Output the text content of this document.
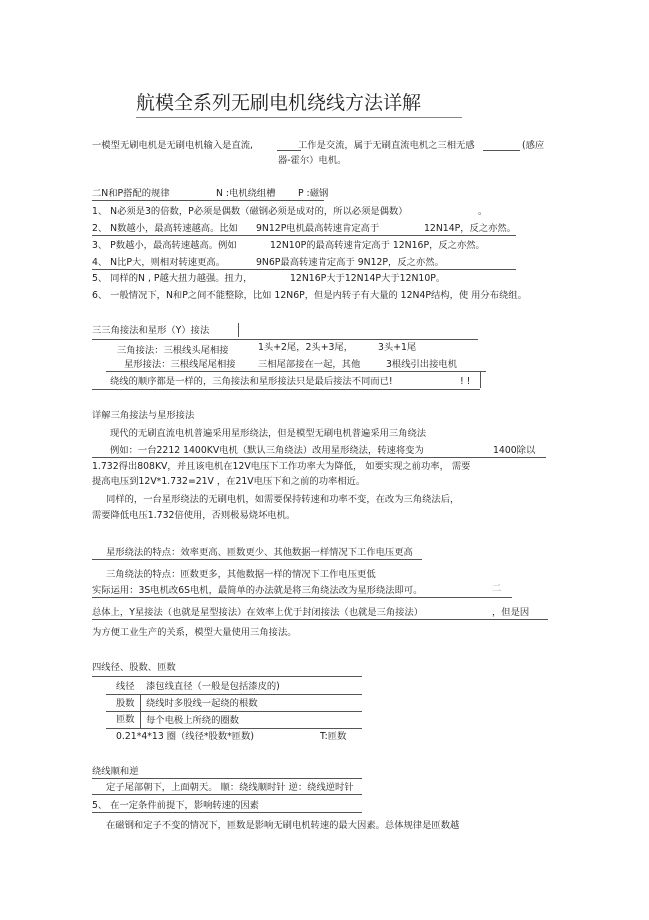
航模全系列无刷电机绕线方法详解
一模型无刷电机是无刷电机输入是直流,	工作是交流，属于无刷直流电机之三相无感	(感应
器-霍尔）电机。
二N和P搭配的规律	N :电机绕组槽 P :磁钢
1、 N必须是3的倍数，P必须是偶数（磁钢必须是成对的，所以必须是偶数）	。
2、 N数越小，最高转速越高。比如 9N12P电机最高转速肯定高于	12N14P，反之亦然。
3、 P数越小，最高转速越高。例如	12N10P的最高转速肯定高于 12N16P，反之亦然。
4、 N比P大，则相对转速更高。	9N6P最高转速肯定高于 9N12P，反之亦然。
5、 同样的N , P越大扭力越强。扭力，	12N16P大于12N14P大于12N10P。
6、 一般情况下，N和P之间不能整除，比如 12N6P，但是内转子有大量的 12N4P结构，使 用分布绕组。
三三角接法和星形（Y）接法
三角接法：三根线头尾相接	1头+2尾，2头+3尾，	3头+1尾
星形接法：三根线尾尾相接 三相尾部接在一起，其他	3根线引出接电机
绕线的顺序都是一样的，三角接法和星形接法只是最后接法不同而已!	! !
详解三角接法与星形接法
现代的无刷直流电机普遍采用星形绕法，但是模型无刷电机普遍采用三角绕法
例如：一台2212 1400KV电机（默认三角绕法）改用星形绕法，转速将变为	1400除以
1.732得出808KV，并且该电机在12V电压下工作功率大为降低， 如要实现之前功率， 需要
提高电压到12V*1.732=21V ，在21V电压下和之前的功率相近。
同样的，一台星形绕法的无刷电机，如需要保持转速和功率不变，在改为三角绕法后，
需要降低电压1.732倍使用，否则极易烧坏电机。
星形绕法的特点：效率更高、匝数更少、其他数据一样情况下工作电压更高
三角绕法的特点：匝数更多，其他数据一样的情况下工作电压更低
实际运用：3S电机改6S电机，最简单的办法就是将三角绕法改为星形绕法即可。	二
总体上，Y星接法（也就是星型接法）在效率上优于封闭接法（也就是三角接法）	，但是因
为方便工业生产的关系，模型大量使用三角接法。
四线径、股数、匝数
线径 漆包线直径（一般是包括漆皮的)
股数 绕线时多股线一起绕的根数
匝数 每个电极上所绕的圈数
0.21*4*13 圈（线径*股数*匝数)	T:匝数
绕线顺和逆
定子尾部朝下，上面朝天。 顺：绕线顺时针 逆：绕线逆时针
5、 在一定条件前提下，影响转速的因素
在磁钢和定子不变的情况下，匝数是影响无刷电机转速的最大因素。总体规律是匝数越
